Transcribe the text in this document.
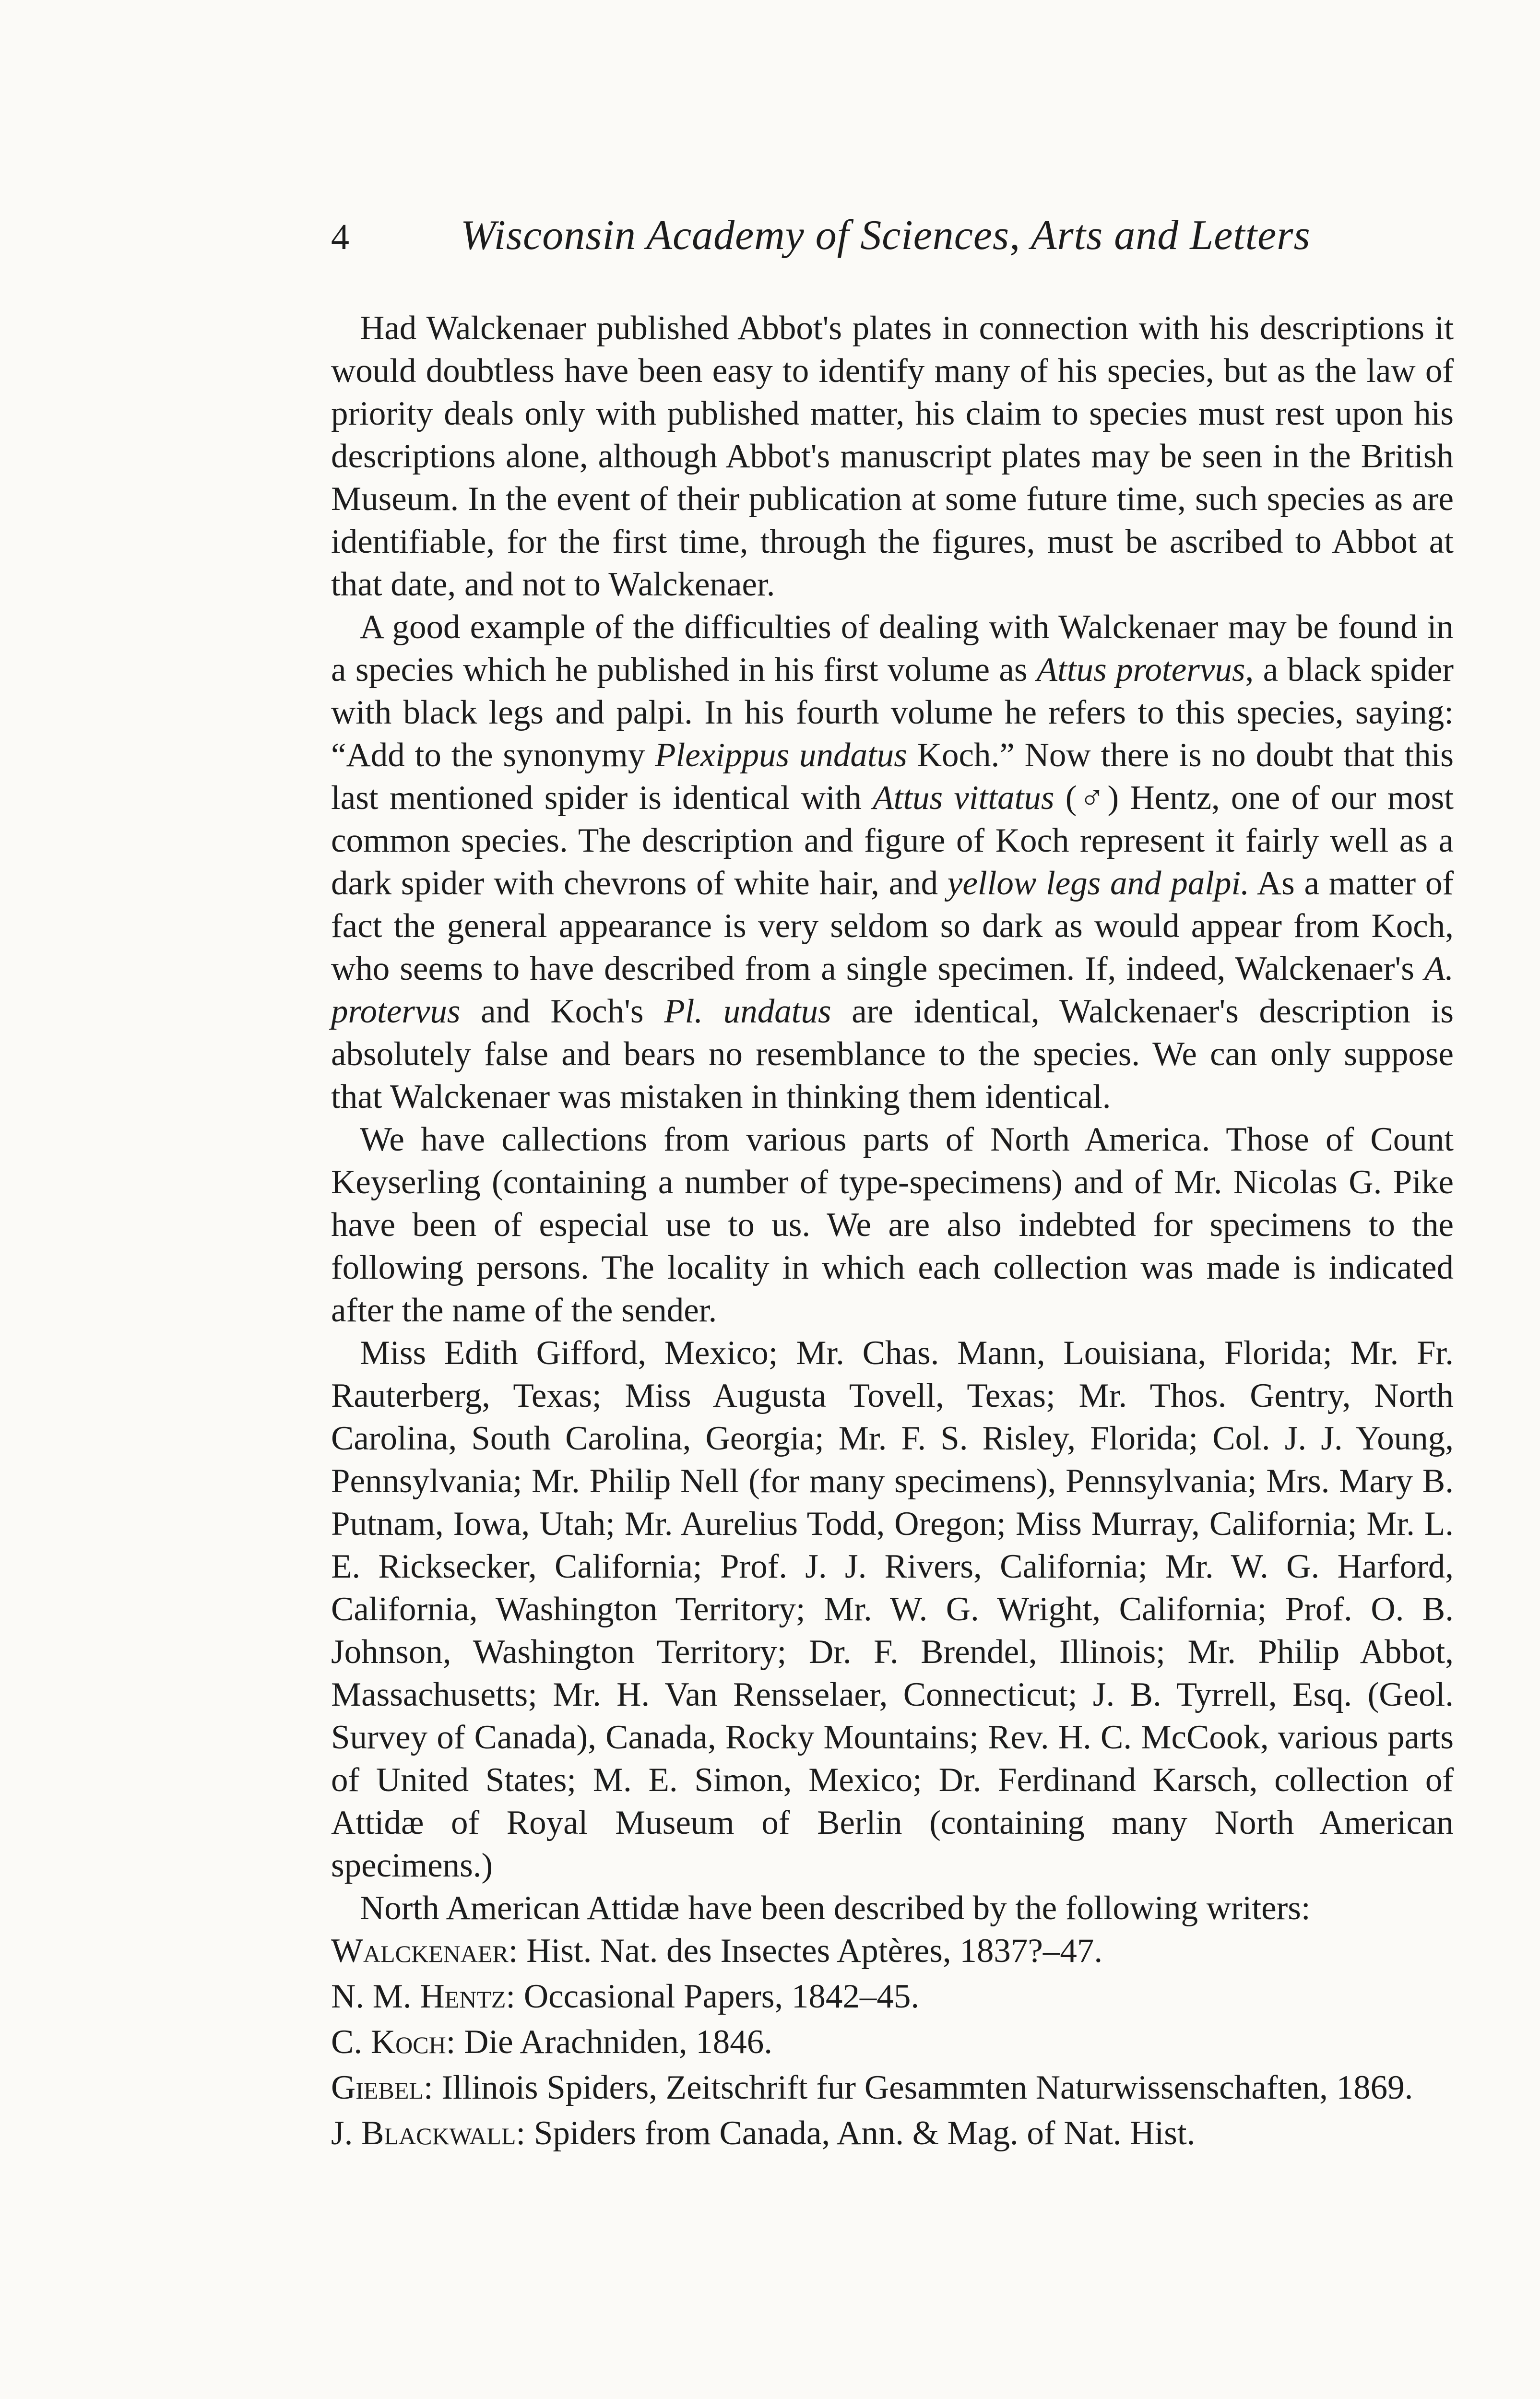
4	Wisconsin Academy of Sciences, Arts and Letters

Had Walckenaer published Abbot's plates in connection with his descriptions it would doubtless have been easy to identify many of his species, but as the law of priority deals only with published matter, his claim to species must rest upon his descriptions alone, although Abbot's manuscript plates may be seen in the British Museum. In the event of their publication at some future time, such species as are identifiable, for the first time, through the figures, must be ascribed to Abbot at that date, and not to Walckenaer.

A good example of the difficulties of dealing with Walckenaer may be found in a species which he published in his first volume as Attus protervus, a black spider with black legs and palpi. In his fourth volume he refers to this species, saying: “Add to the synonymy Plexippus undatus Koch.” Now there is no doubt that this last mentioned spider is identical with Attus vittatus (♂) Hentz, one of our most common species. The description and figure of Koch represent it fairly well as a dark spider with chevrons of white hair, and yellow legs and palpi. As a matter of fact the general appearance is very seldom so dark as would appear from Koch, who seems to have described from a single specimen. If, indeed, Walckenaer's A. protervus and Koch's Pl. undatus are identical, Walckenaer's description is absolutely false and bears no resemblance to the species. We can only suppose that Walckenaer was mistaken in thinking them identical.

We have callections from various parts of North America. Those of Count Keyserling (containing a number of type-specimens) and of Mr. Nicolas G. Pike have been of especial use to us. We are also indebted for specimens to the following persons. The locality in which each collection was made is indicated after the name of the sender.

Miss Edith Gifford, Mexico; Mr. Chas. Mann, Louisiana, Florida; Mr. Fr. Rauterberg, Texas; Miss Augusta Tovell, Texas; Mr. Thos. Gentry, North Carolina, South Carolina, Georgia; Mr. F. S. Risley, Florida; Col. J. J. Young, Pennsylvania; Mr. Philip Nell (for many specimens), Pennsylvania; Mrs. Mary B. Putnam, Iowa, Utah; Mr. Aurelius Todd, Oregon; Miss Murray, California; Mr. L. E. Ricksecker, California; Prof. J. J. Rivers, California; Mr. W. G. Harford, California, Washington Territory; Mr. W. G. Wright, California; Prof. O. B. Johnson, Washington Territory; Dr. F. Brendel, Illinois; Mr. Philip Abbot, Massachusetts; Mr. H. Van Rensselaer, Connecticut; J. B. Tyrrell, Esq. (Geol. Survey of Canada), Canada, Rocky Mountains; Rev. H. C. McCook, various parts of United States; M. E. Simon, Mexico; Dr. Ferdinand Karsch, collection of Attidæ of Royal Museum of Berlin (containing many North American specimens.)

North American Attidæ have been described by the following writers:

Walckenaer: Hist. Nat. des Insectes Aptères, 1837?–47.

N. M. Hentz: Occasional Papers, 1842–45.

C. Koch: Die Arachniden, 1846.

Giebel: Illinois Spiders, Zeitschrift fur Gesammten Naturwissenschaften, 1869.

J. Blackwall: Spiders from Canada, Ann. & Mag. of Nat. Hist.
